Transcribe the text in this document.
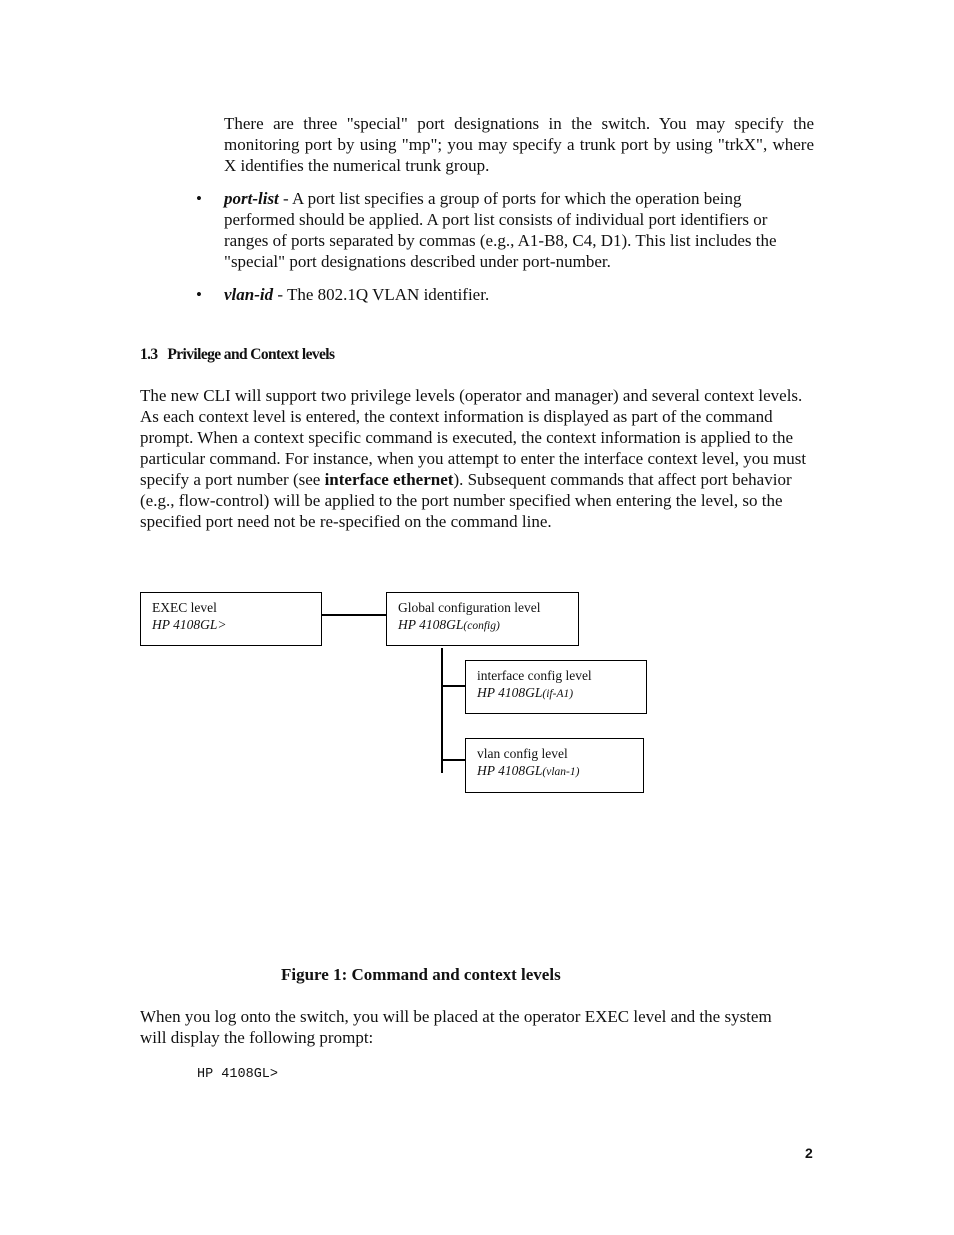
There are three "special" port designations in the switch. You may specify the monitoring port by using "mp"; you may specify a trunk port by using "trkX", where X identifies the numerical trunk group.

• port-list - A port list specifies a group of ports for which the operation being performed should be applied. A port list consists of individual port identifiers or ranges of ports separated by commas (e.g., A1-B8, C4, D1). This list includes the "special" port designations described under port-number.

• vlan-id - The 802.1Q VLAN identifier.

1.3 Privilege and Context levels

The new CLI will support two privilege levels (operator and manager) and several context levels. As each context level is entered, the context information is displayed as part of the command prompt. When a context specific command is executed, the context information is applied to the particular command. For instance, when you attempt to enter the interface context level, you must specify a port number (see interface ethernet). Subsequent commands that affect port behavior (e.g., flow-control) will be applied to the port number specified when entering the level, so the specified port need not be re-specified on the command line.

EXEC level
HP 4108GL>
Global configuration level
HP 4108GL(config)
interface config level
HP 4108GL(if-A1)
vlan config level
HP 4108GL(vlan-1)
Figure 1: Command and context levels

When you log onto the switch, you will be placed at the operator EXEC level and the system will display the following prompt:

HP 4108GL>
2
